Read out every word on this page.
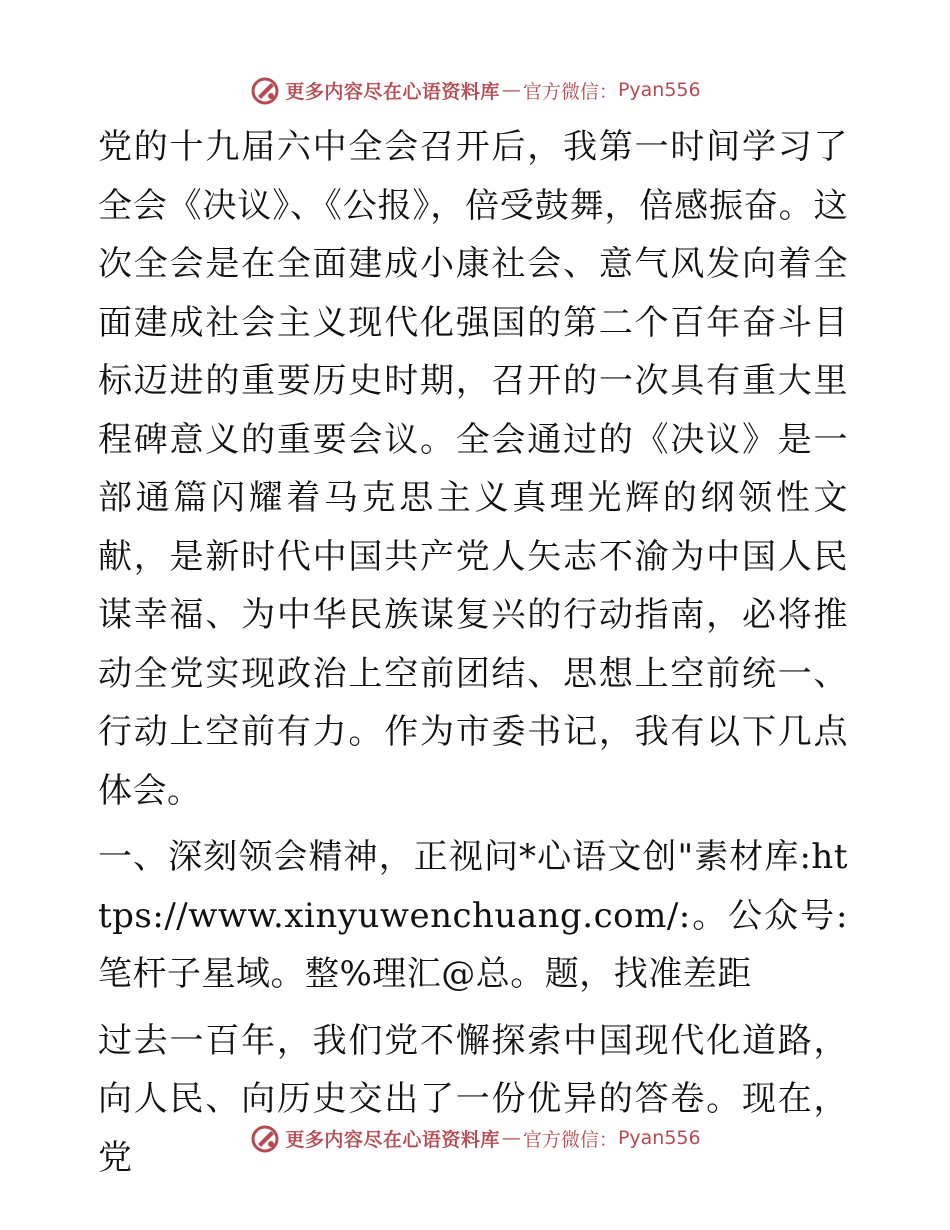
更多内容尽在心语资料库 — 官方微信： Pyan556

党的十九届六中全会召开后，我第一时间学习了全会《决议》、《公报》，倍受鼓舞，倍感振奋。这次全会是在全面建成小康社会、意气风发向着全面建成社会主义现代化强国的第二个百年奋斗目标迈进的重要历史时期，召开的一次具有重大里程碑意义的重要会议。全会通过的《决议》是一部通篇闪耀着马克思主义真理光辉的纲领性文献，是新时代中国共产党人矢志不渝为中国人民谋幸福、为中华民族谋复兴的行动指南，必将推动全党实现政治上空前团结、思想上空前统一、行动上空前有力。作为市委书记，我有以下几点体会。

一、深刻领会精神，正视问*心语文创"素材库:https://www.xinyuwenchuang.com/:。公众号: 笔杆子星域。整%理汇@总。题，找准差距

过去一百年，我们党不懈探索中国现代化道路，向人民、向历史交出了一份优异的答卷。现在，党	更多内容尽在心语资料库 — 官方微信： Pyan556
